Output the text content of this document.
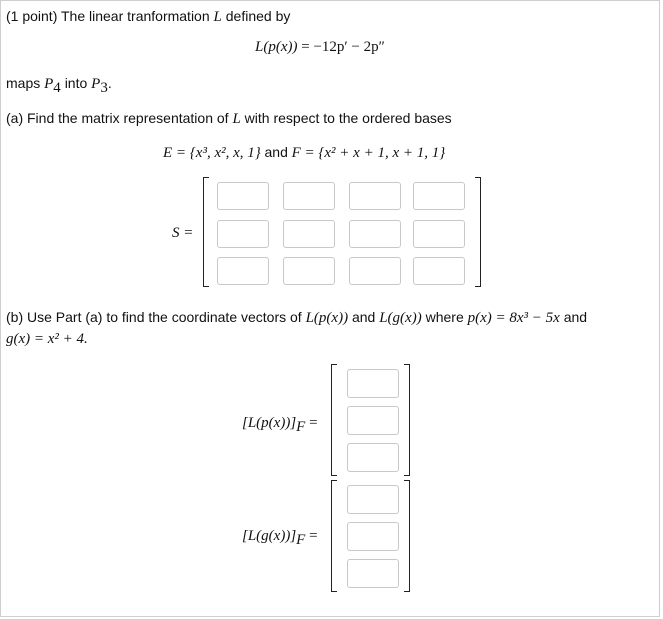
(1 point) The linear tranformation L defined by
L(p(x)) = −12p′ − 2p″
maps $P_4$ into $P_3$.
(a) Find the matrix representation of L with respect to the ordered bases
E = {x³, x², x, 1} and F = {x² + x + 1, x + 1, 1}
S =
(b) Use Part (a) to find the coordinate vectors of L(p(x)) and L(g(x)) where p(x) = 8x³ − 5x and
g(x) = x² + 4.
$[L(p(x))]_F$ =
$[L(g(x))]_F$ =
